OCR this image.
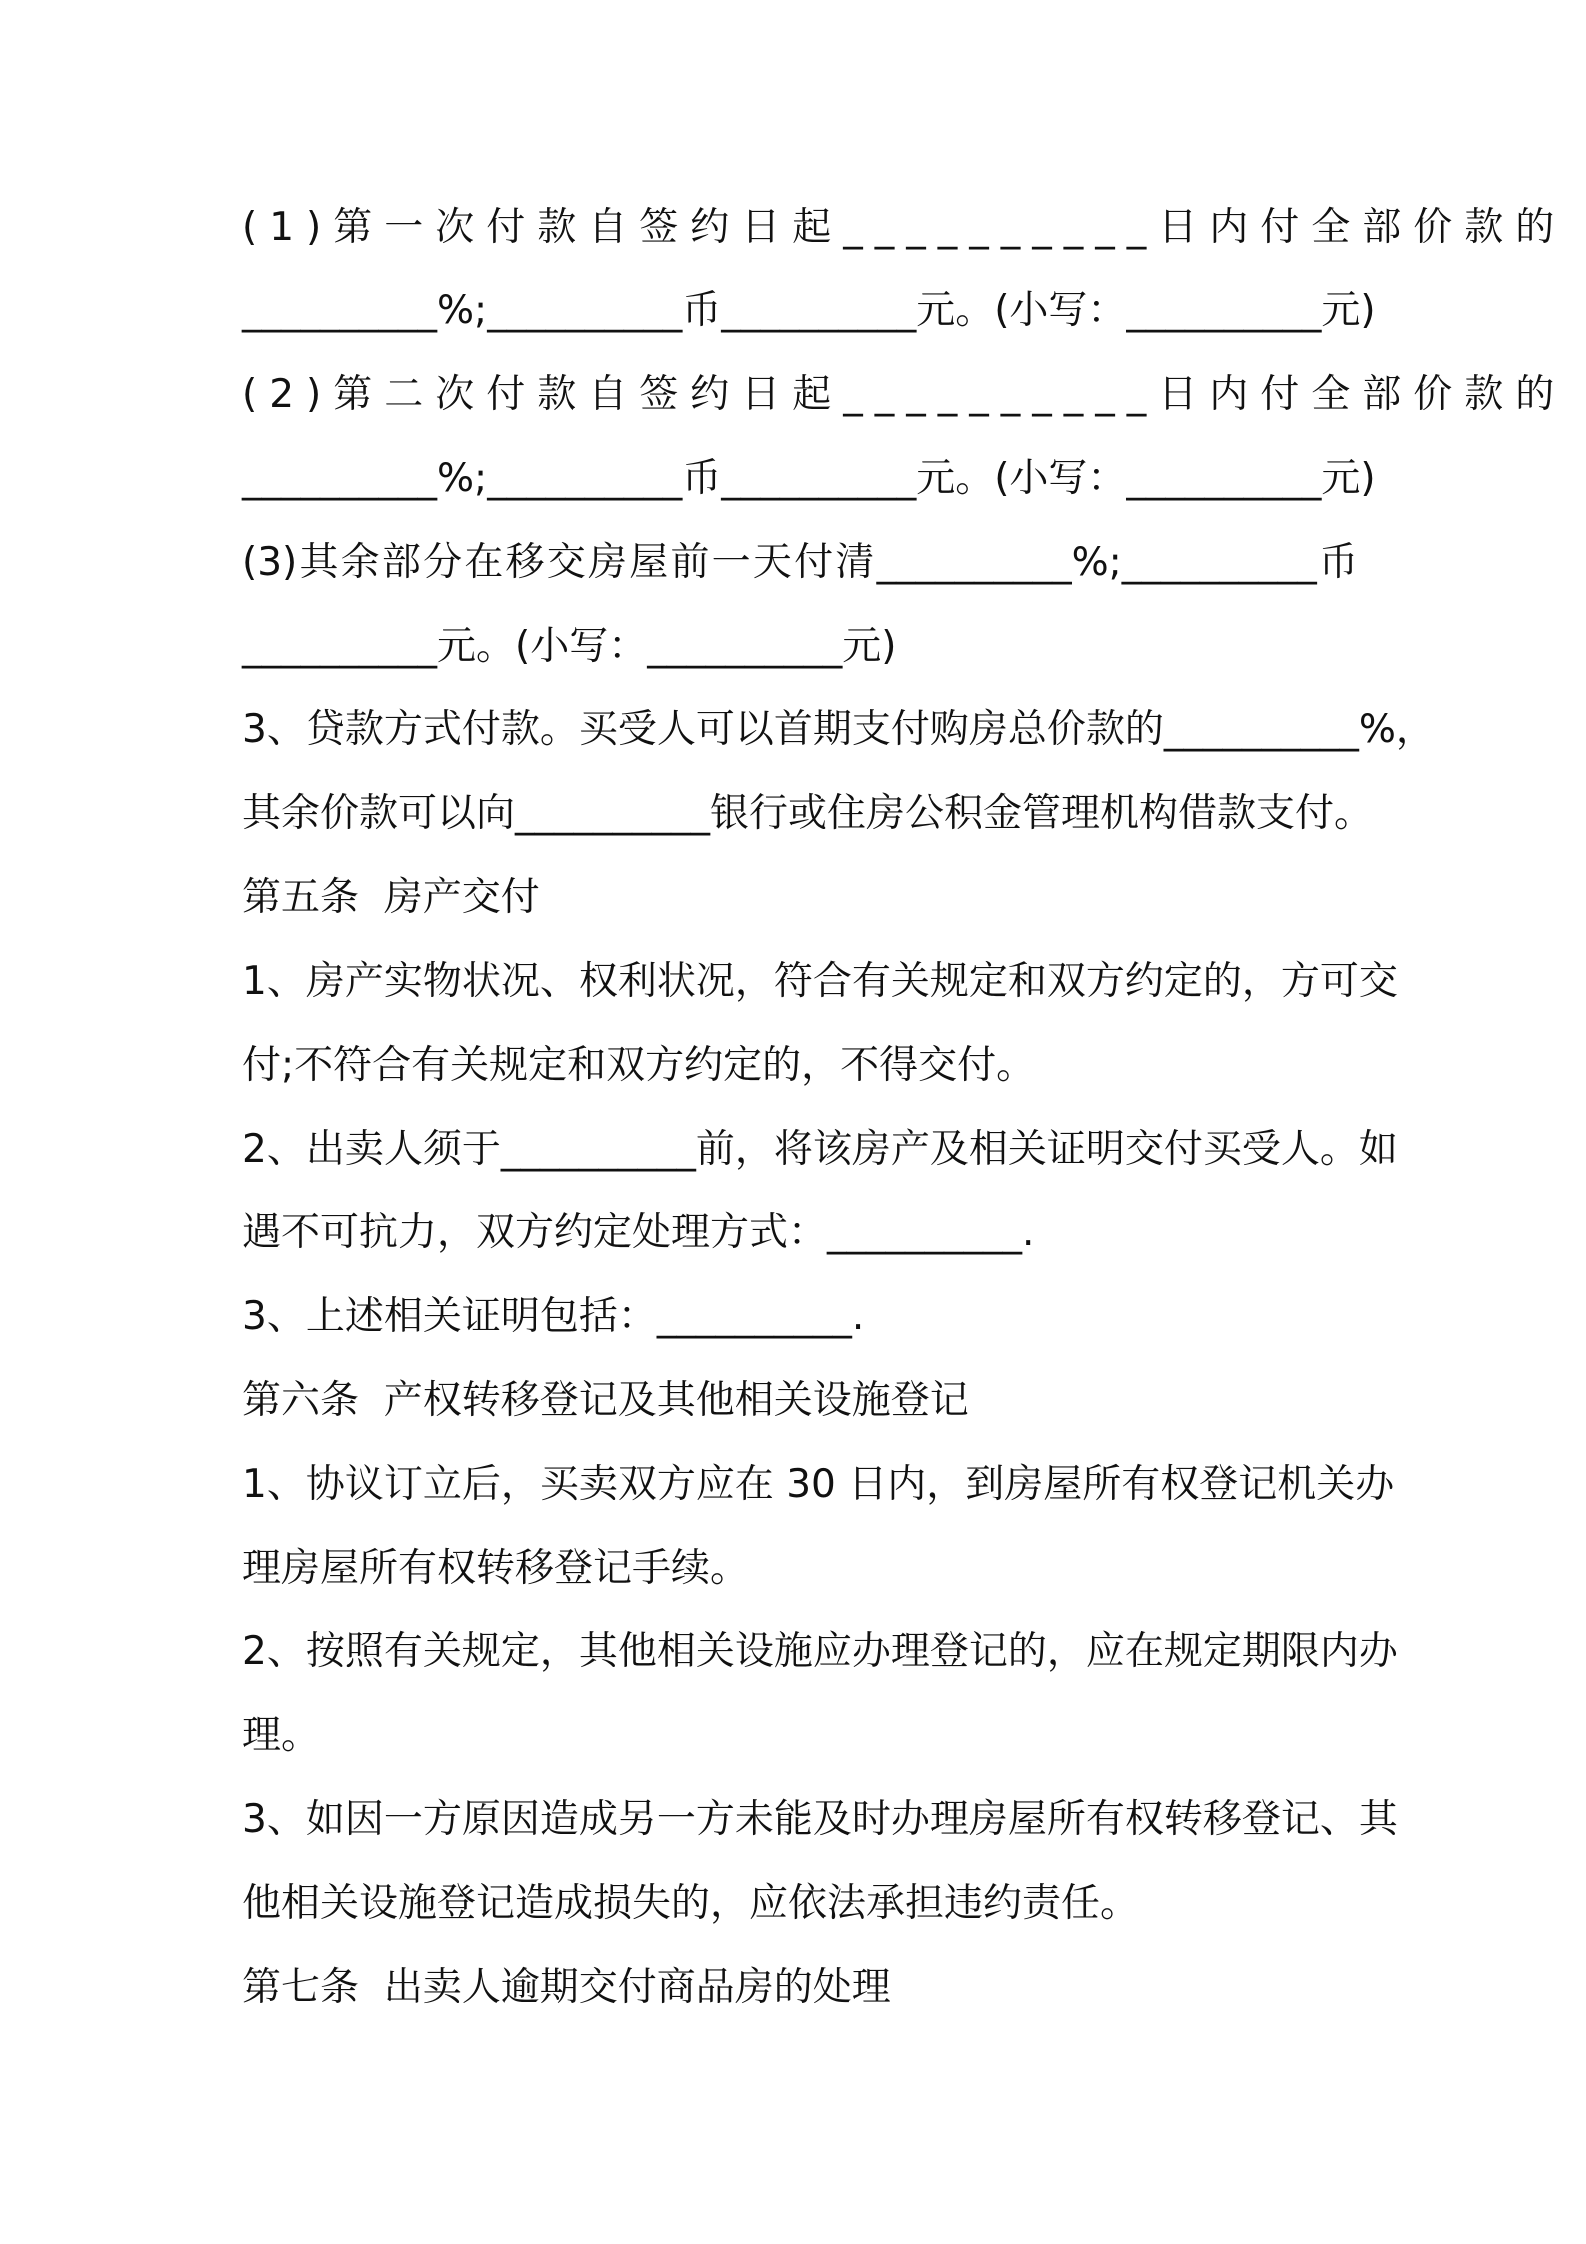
(1)第一次付款自签约日起__________日内付全部价款的

__________%;__________币__________元。(小写：__________元)

(2)第二次付款自签约日起__________日内付全部价款的

__________%;__________币__________元。(小写：__________元)

(3)其余部分在移交房屋前一天付清__________%;__________币

__________元。(小写：__________元)

3、贷款方式付款。买受人可以首期支付购房总价款的__________%，

其余价款可以向__________银行或住房公积金管理机构借款支付。

第五条  房产交付

1、房产实物状况、权利状况，符合有关规定和双方约定的，方可交

付;不符合有关规定和双方约定的，不得交付。

2、出卖人须于__________前，将该房产及相关证明交付买受人。如

遇不可抗力，双方约定处理方式：__________.

3、上述相关证明包括：__________.

第六条  产权转移登记及其他相关设施登记

1、协议订立后，买卖双方应在 30 日内，到房屋所有权登记机关办

理房屋所有权转移登记手续。

2、按照有关规定，其他相关设施应办理登记的，应在规定期限内办

理。

3、如因一方原因造成另一方未能及时办理房屋所有权转移登记、其

他相关设施登记造成损失的，应依法承担违约责任。

第七条  出卖人逾期交付商品房的处理
